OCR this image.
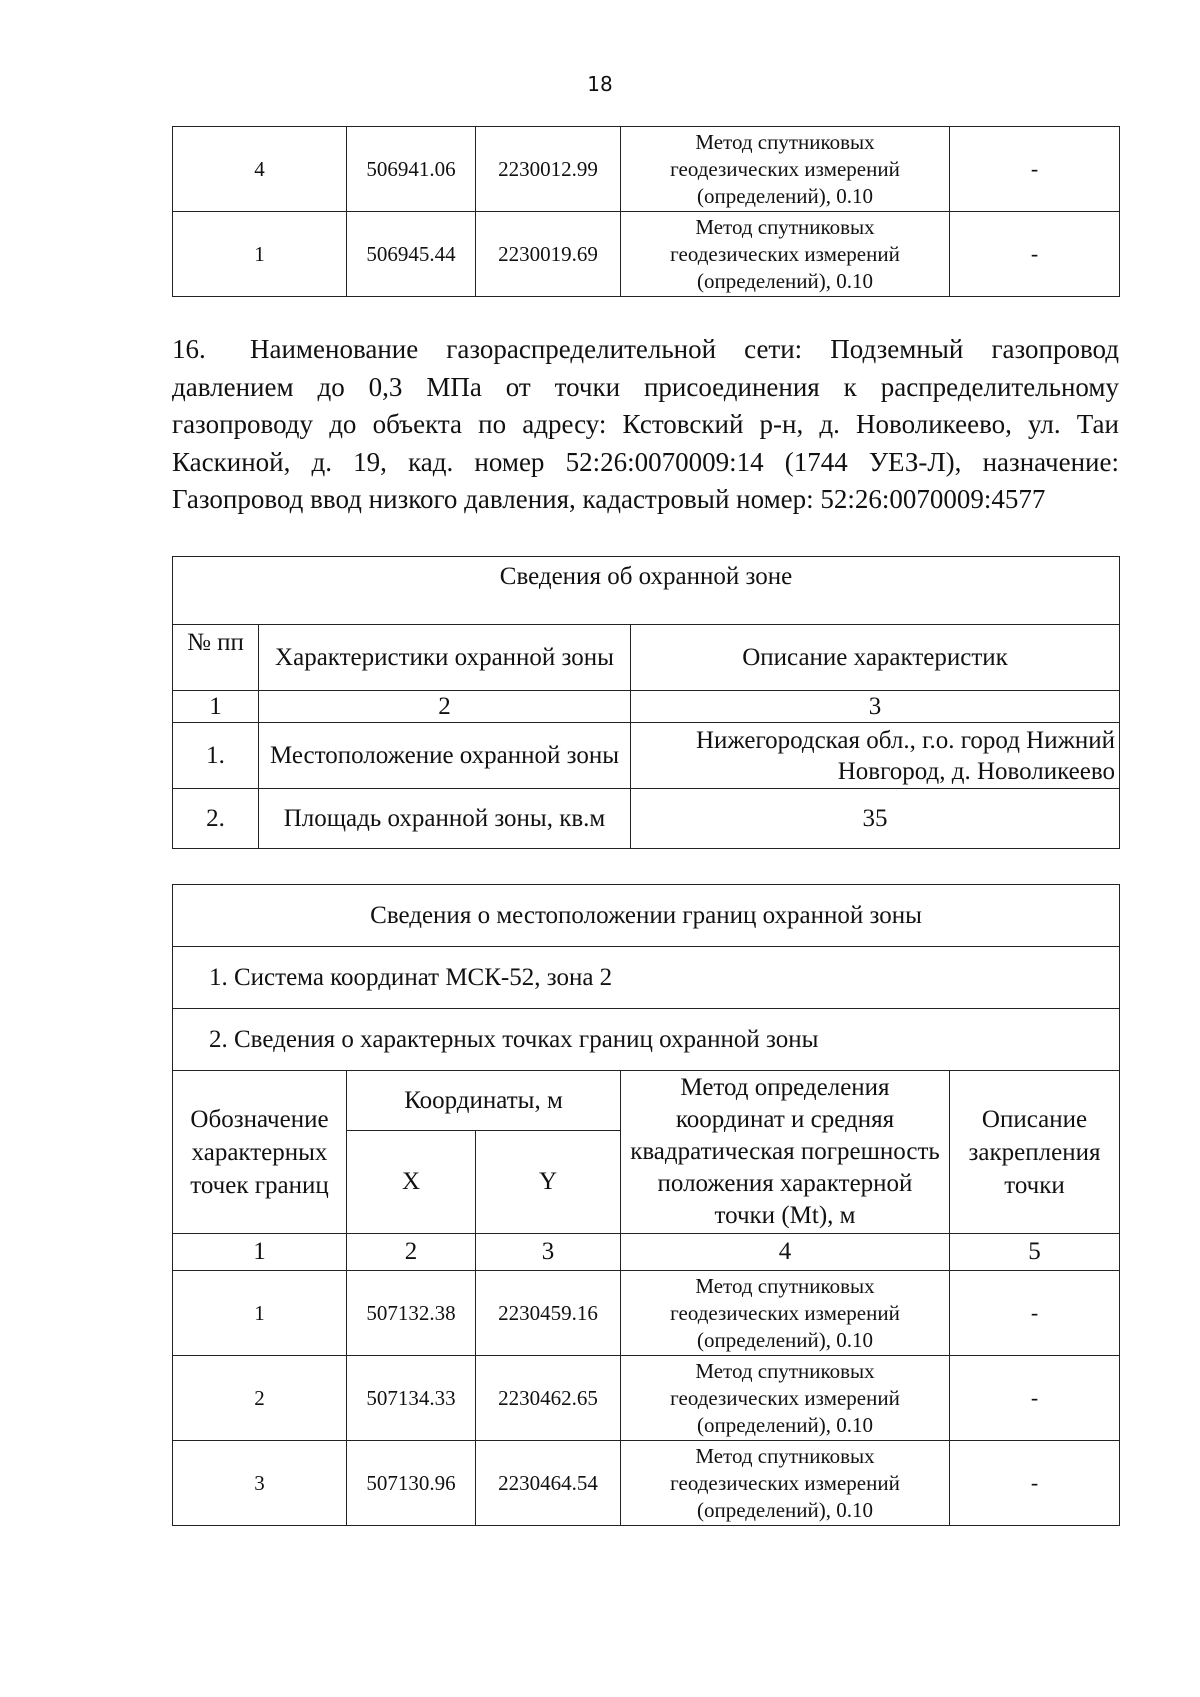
18
4	506941.06	2230012.99	Метод спутниковых
геодезических измерений
(определений), 0.10	-
1	506945.44	2230019.69	Метод спутниковых
геодезических измерений
(определений), 0.10	-
16. Наименование газораспределительной сети: Подземный газопровод давлением до 0,3 МПа от точки присоединения к распределительному газопроводу до объекта по адресу: Кстовский р-н, д. Новоликеево, ул. Таи Каскиной, д. 19, кад. номер 52:26:0070009:14 (1744 УЕЗ-Л), назначение: Газопровод ввод низкого давления, кадастровый номер: 52:26:0070009:4577
Сведения об охранной зоне		
№ пп	Характеристики охранной зоны	Описание характеристик
1	2	3
1.	Местоположение охранной зоны	Нижегородская обл., г.о. город Нижний Новгород, д. Новоликеево
2.	Площадь охранной зоны, кв.м	35
Сведения о местоположении границ охранной зоны				
1. Система координат МСК-52, зона 2				
2. Сведения о характерных точках границ охранной зоны				
Обозначение характерных точек границ	Координаты, м		Метод определения координат и средняя квадратическая погрешность положения характерной точки (Mt), м	Описание закрепления точки
	X	Y		
1	2	3	4	5
1	507132.38	2230459.16	Метод спутниковых
геодезических измерений
(определений), 0.10	-
2	507134.33	2230462.65	Метод спутниковых
геодезических измерений
(определений), 0.10	-
3	507130.96	2230464.54	Метод спутниковых
геодезических измерений
(определений), 0.10	-
